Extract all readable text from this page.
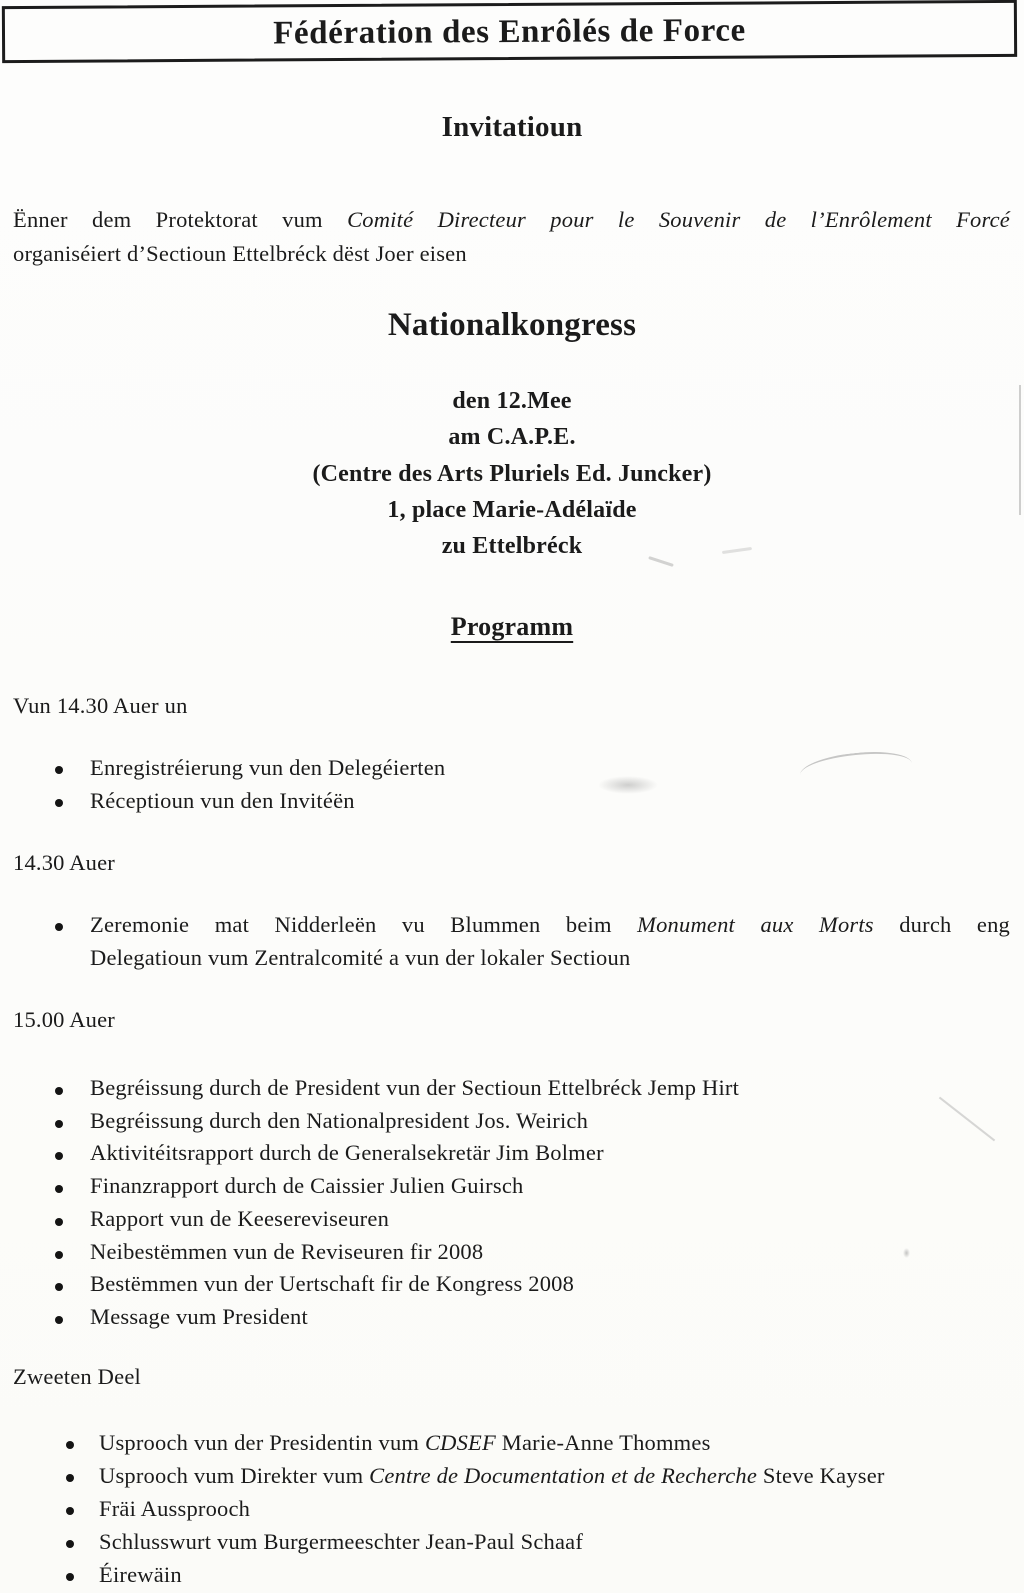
Fédération des Enrôlés de Force
Invitatioun

Ënner dem Protektorat vum Comité Directeur pour le Souvenir de l’Enrôlement Forcé
organiséiert d’Sectioun Ettelbréck dëst Joer eisen

Nationalkongress
den 12.Mee
am C.A.P.E.
(Centre des Arts Pluriels Ed. Juncker)
1, place Marie-Adélaïde
zu Ettelbréck
Programm
Vun 14.30 Auer un
Enregistréierung vun den Delegéierten
Réceptioun vun den Invitéën
14.30 Auer
Zeremonie mat Nidderleën vu Blummen beim Monument aux Morts durch eng
Delegatioun vum Zentralcomité a vun der lokaler Sectioun
15.00 Auer
Begréissung durch de President vun der Sectioun Ettelbréck Jemp Hirt
Begréissung durch den Nationalpresident Jos. Weirich
Aktivitéitsrapport durch de Generalsekretär Jim Bolmer
Finanzrapport durch de Caissier Julien Guirsch
Rapport vun de Keesereviseuren
Neibestëmmen vun de Reviseuren fir 2008
Bestëmmen vun der Uertschaft fir de Kongress 2008
Message vum President
Zweeten Deel
Usprooch vun der Presidentin vum CDSEF Marie-Anne Thommes
Usprooch vum Direkter vum Centre de Documentation et de Recherche Steve Kayser
Fräi Aussprooch
Schlusswurt vum Burgermeeschter Jean-Paul Schaaf
Éirewäin
